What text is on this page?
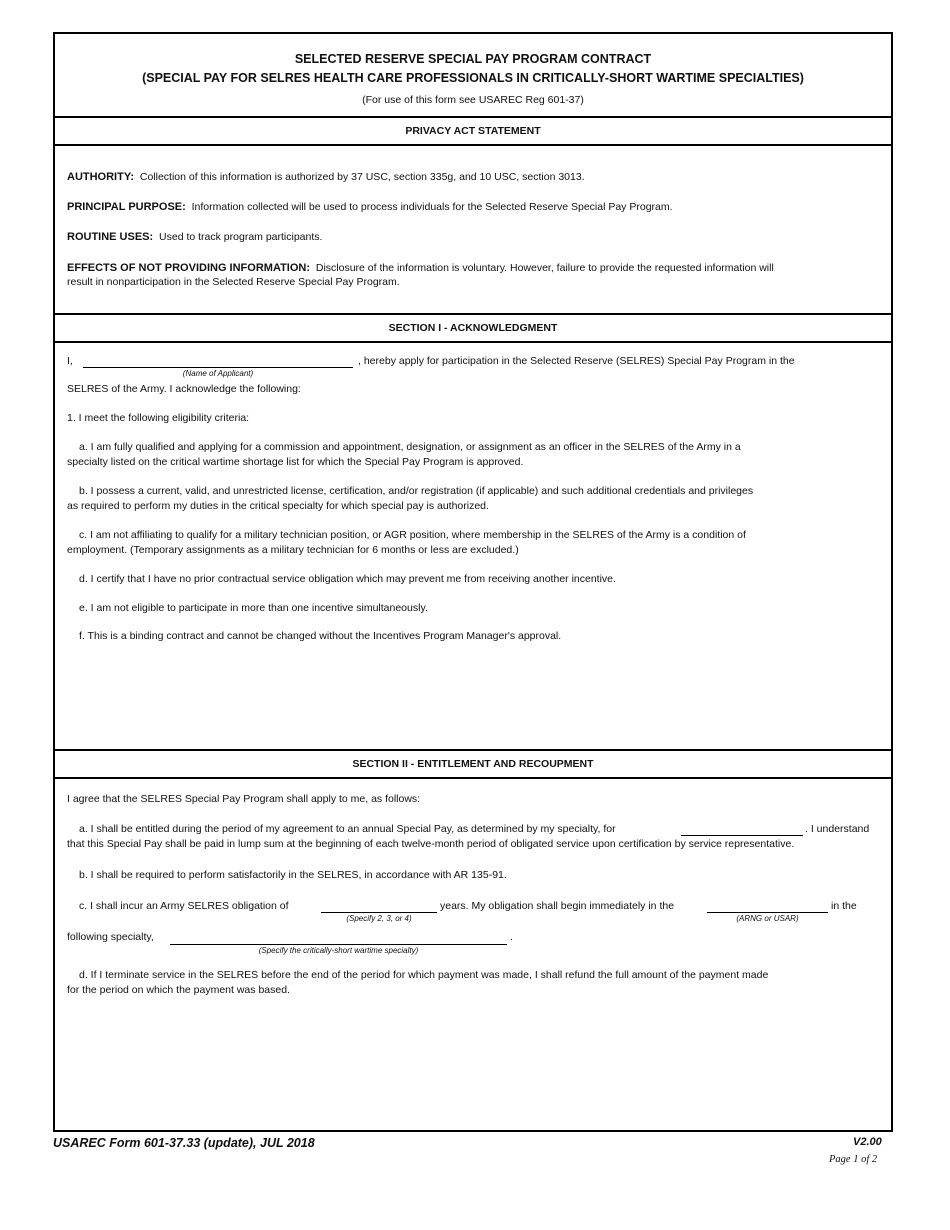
SELECTED RESERVE SPECIAL PAY PROGRAM CONTRACT
(SPECIAL PAY FOR SELRES HEALTH CARE PROFESSIONALS IN CRITICALLY-SHORT WARTIME SPECIALTIES)
(For use of this form see USAREC Reg 601-37)
PRIVACY ACT STATEMENT
AUTHORITY: Collection of this information is authorized by 37 USC, section 335g, and 10 USC, section 3013.
PRINCIPAL PURPOSE: Information collected will be used to process individuals for the Selected Reserve Special Pay Program.
ROUTINE USES: Used to track program participants.
EFFECTS OF NOT PROVIDING INFORMATION: Disclosure of the information is voluntary. However, failure to provide the requested information will
result in nonparticipation in the Selected Reserve Special Pay Program.
SECTION I - ACKNOWLEDGMENT
I,
(Name of Applicant)
, hereby apply for participation in the Selected Reserve (SELRES) Special Pay Program in the
SELRES of the Army. I acknowledge the following:
1. I meet the following eligibility criteria:
a. I am fully qualified and applying for a commission and appointment, designation, or assignment as an officer in the SELRES of the Army in a
specialty listed on the critical wartime shortage list for which the Special Pay Program is approved.
b. I possess a current, valid, and unrestricted license, certification, and/or registration (if applicable) and such additional credentials and privileges
as required to perform my duties in the critical specialty for which special pay is authorized.
c. I am not affiliating to qualify for a military technician position, or AGR position, where membership in the SELRES of the Army is a condition of
employment. (Temporary assignments as a military technician for 6 months or less are excluded.)
d. I certify that I have no prior contractual service obligation which may prevent me from receiving another incentive.
e. I am not eligible to participate in more than one incentive simultaneously.
f. This is a binding contract and cannot be changed without the Incentives Program Manager's approval.
SECTION II - ENTITLEMENT AND RECOUPMENT
I agree that the SELRES Special Pay Program shall apply to me, as follows:
a. I shall be entitled during the period of my agreement to an annual Special Pay, as determined by my specialty, for	. I understand
that this Special Pay shall be paid in lump sum at the beginning of each twelve-month period of obligated service upon certification by service representative.
b. I shall be required to perform satisfactorily in the SELRES, in accordance with AR 135-91.
c. I shall incur an Army SELRES obligation of
(Specify 2, 3, or 4)
years. My obligation shall begin immediately in the
(ARNG or USAR)
in the
following specialty,
(Specify the critically-short wartime specialty)
.
d. If I terminate service in the SELRES before the end of the period for which payment was made, I shall refund the full amount of the payment made
for the period on which the payment was based.
USAREC Form 601-37.33 (update), JUL 2018	V2.00
Page 1 of 2
